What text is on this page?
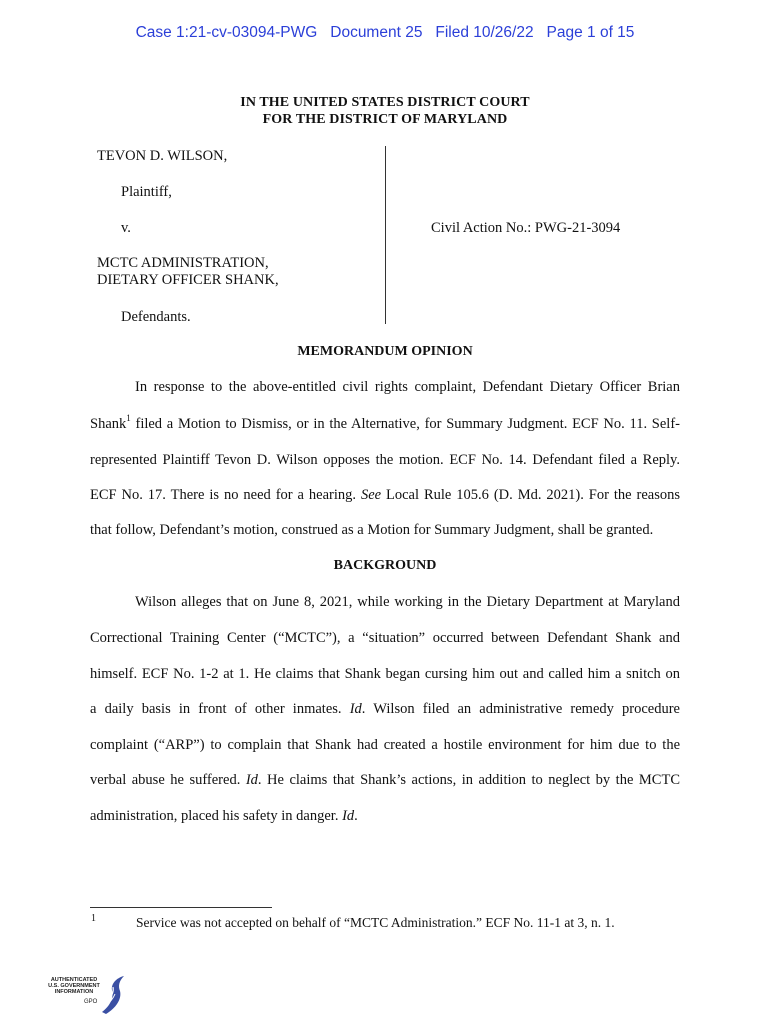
Case 1:21-cv-03094-PWG   Document 25   Filed 10/26/22   Page 1 of 15
IN THE UNITED STATES DISTRICT COURT
FOR THE DISTRICT OF MARYLAND
TEVON D. WILSON,
Plaintiff,
v.
MCTC ADMINISTRATION,
DIETARY OFFICER SHANK,
Defendants.
Civil Action No.: PWG-21-3094
MEMORANDUM OPINION
In response to the above-entitled civil rights complaint, Defendant Dietary Officer Brian
Shank$^1$ filed a Motion to Dismiss, or in the Alternative, for Summary Judgment. ECF No. 11. Self-
represented Plaintiff Tevon D. Wilson opposes the motion. ECF No. 14. Defendant filed a Reply.
ECF No. 17. There is no need for a hearing. See Local Rule 105.6 (D. Md. 2021). For the reasons
that follow, Defendant’s motion, construed as a Motion for Summary Judgment, shall be granted.
BACKGROUND
Wilson alleges that on June 8, 2021, while working in the Dietary Department at Maryland
Correctional Training Center (“MCTC”), a “situation” occurred between Defendant Shank and
himself. ECF No. 1-2 at 1. He claims that Shank began cursing him out and called him a snitch on
a daily basis in front of other inmates. Id. Wilson filed an administrative remedy procedure
complaint (“ARP”) to complain that Shank had created a hostile environment for him due to the
verbal abuse he suffered. Id. He claims that Shank’s actions, in addition to neglect by the MCTC
administration, placed his safety in danger. Id.
1	Service was not accepted on behalf of “MCTC Administration.” ECF No. 11-1 at 3, n. 1.
AUTHENTICATED
U.S. GOVERNMENT
INFORMATION
GPO
